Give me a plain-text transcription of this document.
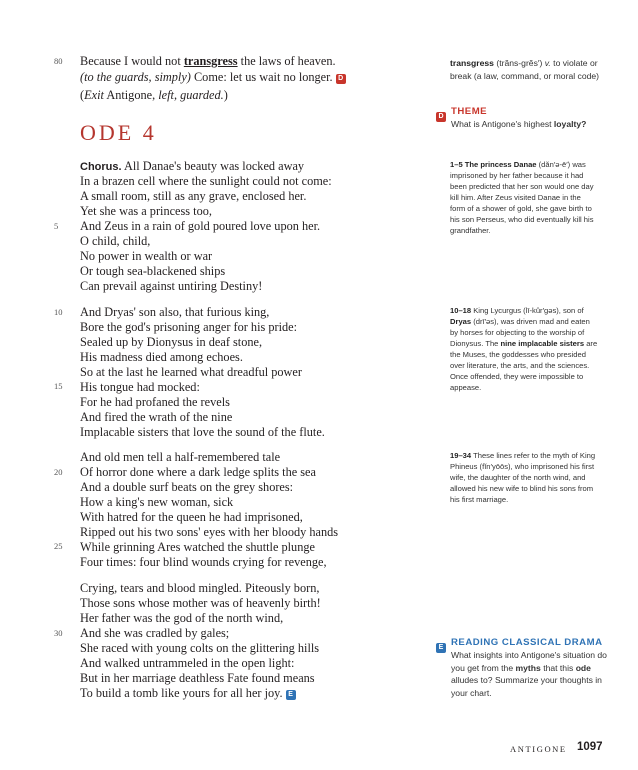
80	Because I would not transgress the laws of heaven.
(to the guards, simply) Come: let us wait no longer. D
(Exit Antigone, left, guarded.)
ODE 4
Chorus. All Danae's beauty was locked away
In a brazen cell where the sunlight could not come:
A small room, still as any grave, enclosed her.
Yet she was a princess too,
And Zeus in a rain of gold poured love upon her.
O child, child,
No power in wealth or war
Or tough sea-blackened ships
Can prevail against untiring Destiny!
5
And Dryas' son also, that furious king,
Bore the god's prisoning anger for his pride:
Sealed up by Dionysus in deaf stone,
His madness died among echoes.
So at the last he learned what dreadful power
His tongue had mocked:
For he had profaned the revels
And fired the wrath of the nine
Implacable sisters that love the sound of the flute.
10
15
And old men tell a half-remembered tale
Of horror done where a dark ledge splits the sea
And a double surf beats on the grey shores:
How a king's new woman, sick
With hatred for the queen he had imprisoned,
Ripped out his two sons' eyes with her bloody hands
While grinning Ares watched the shuttle plunge
Four times: four blind wounds crying for revenge,
20
25
Crying, tears and blood mingled. Piteously born,
Those sons whose mother was of heavenly birth!
Her father was the god of the north wind,
And she was cradled by gales;
She raced with young colts on the glittering hills
And walked untrammeled in the open light:
But in her marriage deathless Fate found means
To build a tomb like yours for all her joy. E
30
transgress (trăns-grĕs′) v. to violate or break (a law, command, or moral code)
D THEME
What is Antigone's highest loyalty?
1–5 The princess Danae (dăn′ə-ē′) was imprisoned by her father because it had been predicted that her son would one day kill him. After Zeus visited Danae in the form of a shower of gold, she gave birth to his son Perseus, who did eventually kill his grandfather.
10–18 King Lycurgus (lī-kûr′gəs), son of Dryas (drī′əs), was driven mad and eaten by horses for objecting to the worship of Dionysus. The nine implacable sisters are the Muses, the goddesses who presided over literature, the arts, and the sciences. Once offended, they were impossible to appease.
19–34 These lines refer to the myth of King Phineus (fĭn′yōōs), who imprisoned his first wife, the daughter of the north wind, and allowed his new wife to blind his sons from his first marriage.
E READING CLASSICAL DRAMA
What insights into Antigone's situation do you get from the myths that this ode alludes to? Summarize your thoughts in your chart.
ANTIGONE 1097
